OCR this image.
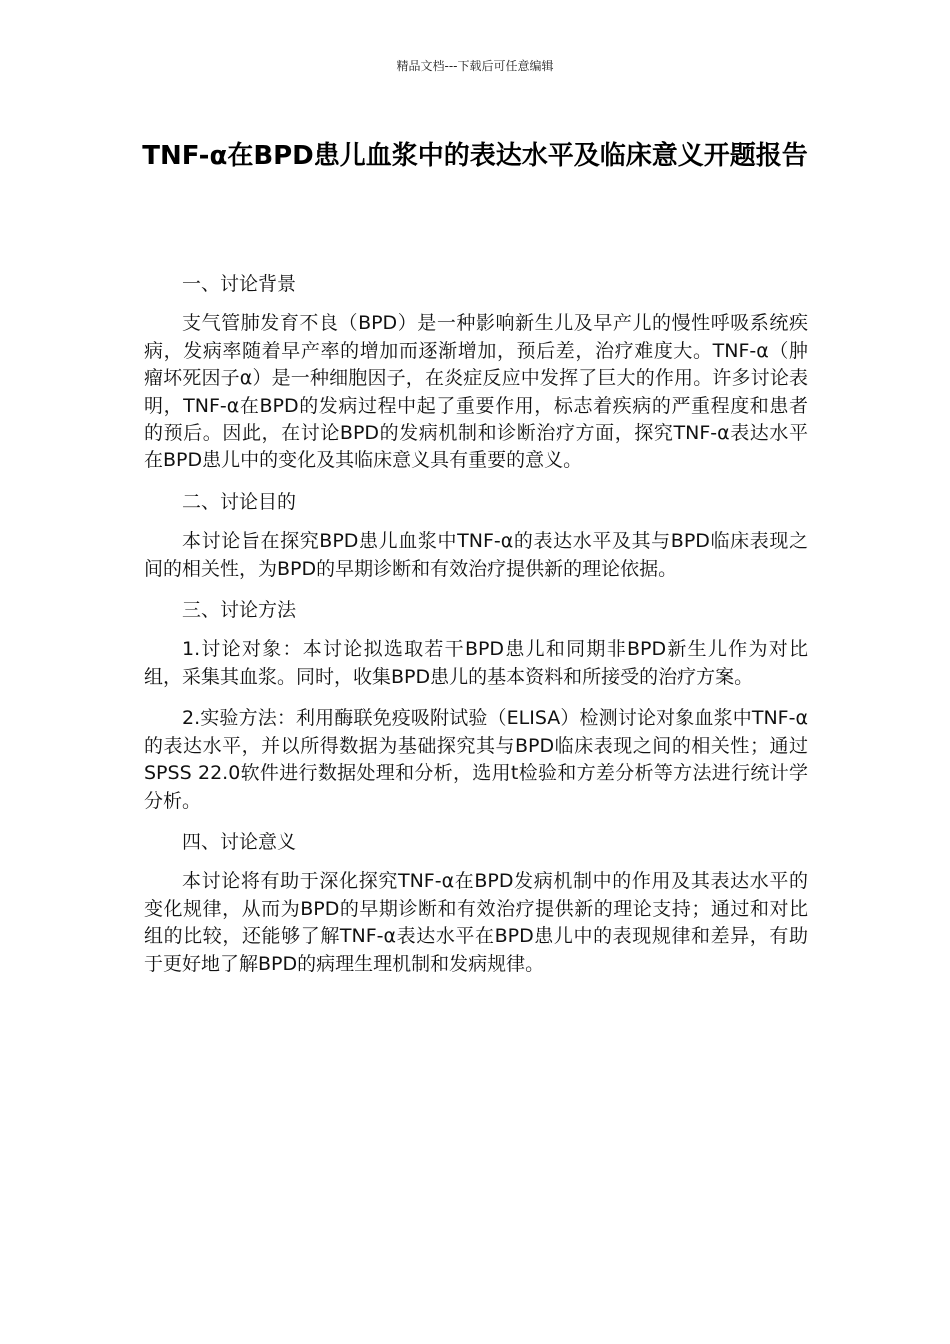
精品文档---下载后可任意编辑
TNF-α在BPD患儿血浆中的表达水平及临床意义开题报告

一、讨论背景

支气管肺发育不良（BPD）是一种影响新生儿及早产儿的慢性呼吸系统疾病，发病率随着早产率的增加而逐渐增加，预后差，治疗难度大。TNF-α（肿瘤坏死因子α）是一种细胞因子，在炎症反应中发挥了巨大的作用。许多讨论表明，TNF-α在BPD的发病过程中起了重要作用，标志着疾病的严重程度和患者的预后。因此，在讨论BPD的发病机制和诊断治疗方面，探究TNF-α表达水平在BPD患儿中的变化及其临床意义具有重要的意义。

二、讨论目的

本讨论旨在探究BPD患儿血浆中TNF-α的表达水平及其与BPD临床表现之间的相关性，为BPD的早期诊断和有效治疗提供新的理论依据。

三、讨论方法

1.讨论对象：本讨论拟选取若干BPD患儿和同期非BPD新生儿作为对比组，采集其血浆。同时，收集BPD患儿的基本资料和所接受的治疗方案。

2.实验方法：利用酶联免疫吸附试验（ELISA）检测讨论对象血浆中TNF-α的表达水平，并以所得数据为基础探究其与BPD临床表现之间的相关性；通过SPSS 22.0软件进行数据处理和分析，选用t检验和方差分析等方法进行统计学分析。

四、讨论意义

本讨论将有助于深化探究TNF-α在BPD发病机制中的作用及其表达水平的变化规律，从而为BPD的早期诊断和有效治疗提供新的理论支持；通过和对比组的比较，还能够了解TNF-α表达水平在BPD患儿中的表现规律和差异，有助于更好地了解BPD的病理生理机制和发病规律。
